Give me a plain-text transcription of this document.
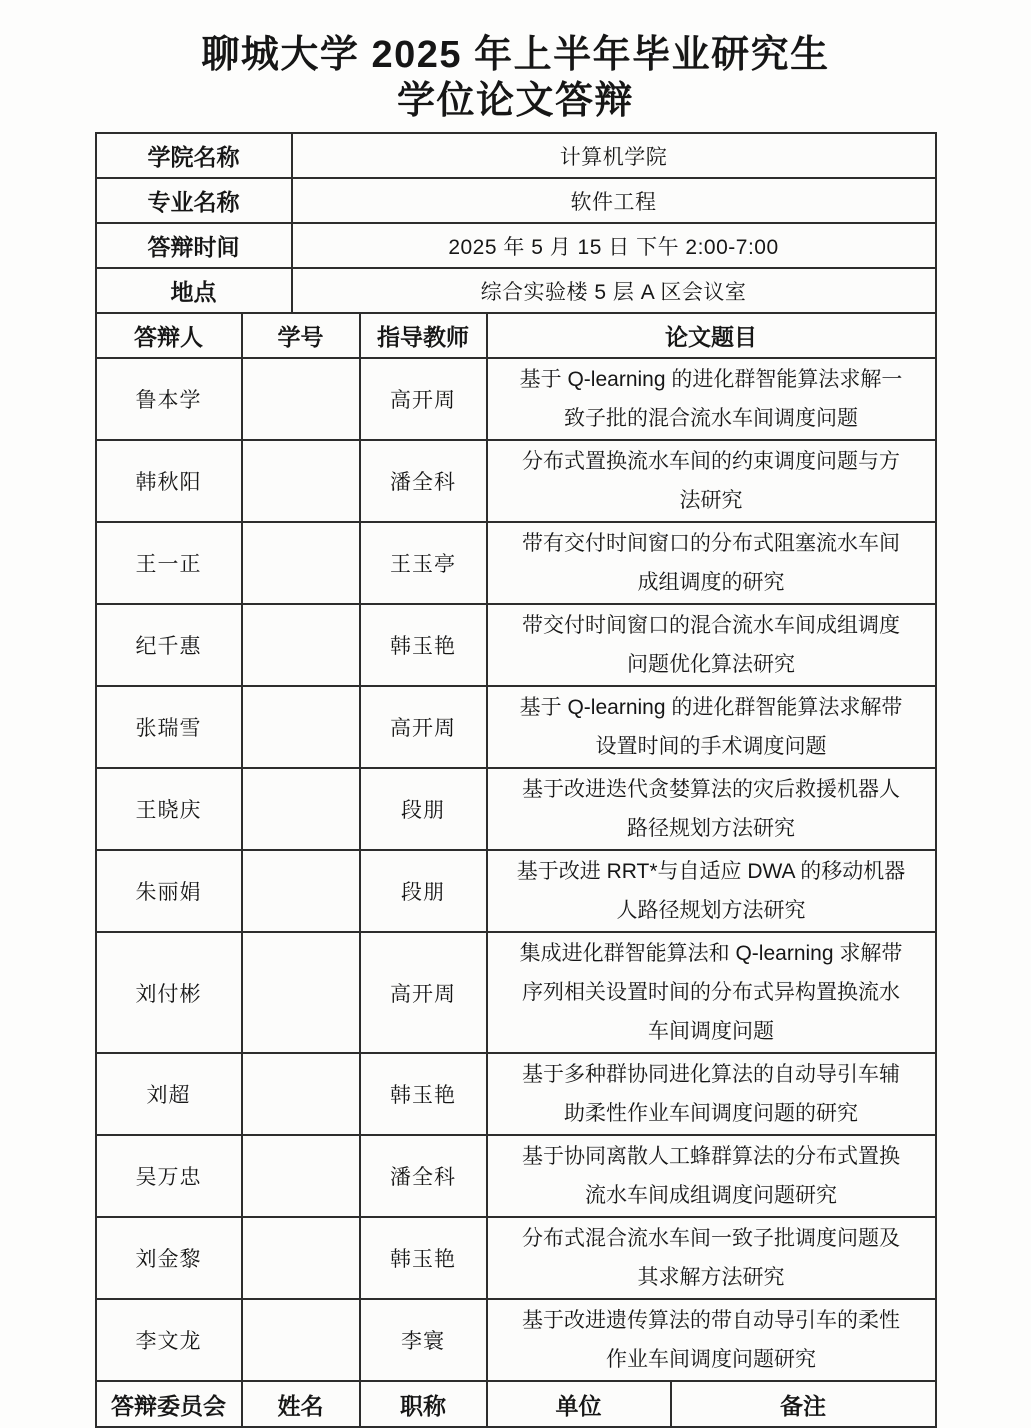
聊城大学 2025 年上半年毕业研究生
学位论文答辩
学院名称		计算机学院			
专业名称		软件工程			
答辩时间		2025 年 5 月 15 日 下午 2:00-7:00			
地点		综合实验楼 5 层 A 区会议室			
答辩人	学号		指导教师	论文题目	
鲁本学			高开周	基于 Q-learning 的进化群智能算法求解一致子批的混合流水车间调度问题	
韩秋阳			潘全科	分布式置换流水车间的约束调度问题与方法研究	
王一正			王玉亭	带有交付时间窗口的分布式阻塞流水车间成组调度的研究	
纪千惠			韩玉艳	带交付时间窗口的混合流水车间成组调度问题优化算法研究	
张瑞雪			高开周	基于 Q-learning 的进化群智能算法求解带设置时间的手术调度问题	
王晓庆			段朋	基于改进迭代贪婪算法的灾后救援机器人路径规划方法研究	
朱丽娟			段朋	基于改进 RRT*与自适应 DWA 的移动机器人路径规划方法研究	
刘付彬			高开周	集成进化群智能算法和 Q-learning 求解带序列相关设置时间的分布式异构置换流水车间调度问题	
刘超			韩玉艳	基于多种群协同进化算法的自动导引车辅助柔性作业车间调度问题的研究	
吴万忠			潘全科	基于协同离散人工蜂群算法的分布式置换流水车间成组调度问题研究	
刘金黎			韩玉艳	分布式混合流水车间一致子批调度问题及其求解方法研究	
李文龙			李寰	基于改进遗传算法的带自动导引车的柔性作业车间调度问题研究	
答辩委员会	姓名		职称	单位	备注
